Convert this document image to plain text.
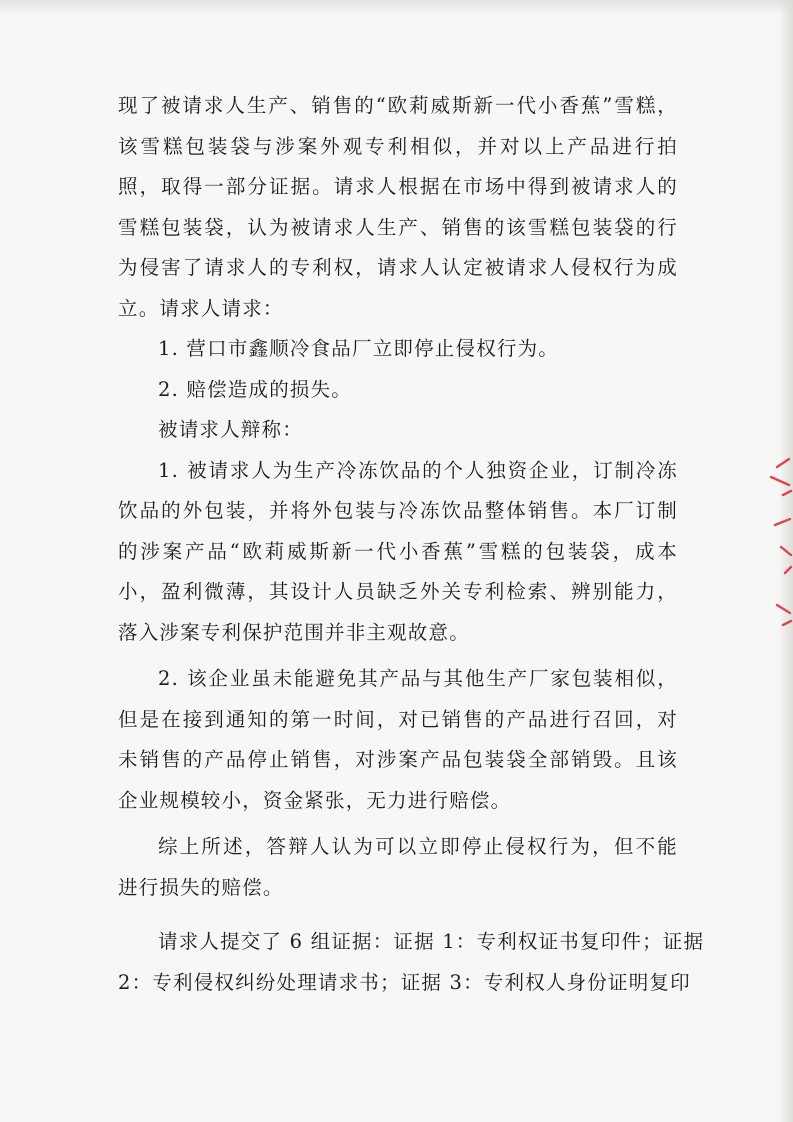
现了被请求人生产、销售的“欧莉威斯新一代小香蕉”雪糕，
该雪糕包装袋与涉案外观专利相似，并对以上产品进行拍
照，取得一部分证据。请求人根据在市场中得到被请求人的
雪糕包装袋，认为被请求人生产、销售的该雪糕包装袋的行
为侵害了请求人的专利权，请求人认定被请求人侵权行为成
立。请求人请求：
1. 营口市鑫顺冷食品厂立即停止侵权行为。
2. 赔偿造成的损失。
被请求人辩称：
1. 被请求人为生产冷冻饮品的个人独资企业，订制冷冻
饮品的外包装，并将外包装与冷冻饮品整体销售。本厂订制
的涉案产品“欧莉威斯新一代小香蕉”雪糕的包装袋，成本
小，盈利微薄，其设计人员缺乏外关专利检索、辨别能力，
落入涉案专利保护范围并非主观故意。
2. 该企业虽未能避免其产品与其他生产厂家包装相似，
但是在接到通知的第一时间，对已销售的产品进行召回，对
未销售的产品停止销售，对涉案产品包装袋全部销毁。且该
企业规模较小，资金紧张，无力进行赔偿。
综上所述，答辩人认为可以立即停止侵权行为，但不能
进行损失的赔偿。
请求人提交了 6 组证据：证据 1：专利权证书复印件；证据
2：专利侵权纠纷处理请求书；证据 3：专利权人身份证明复印
